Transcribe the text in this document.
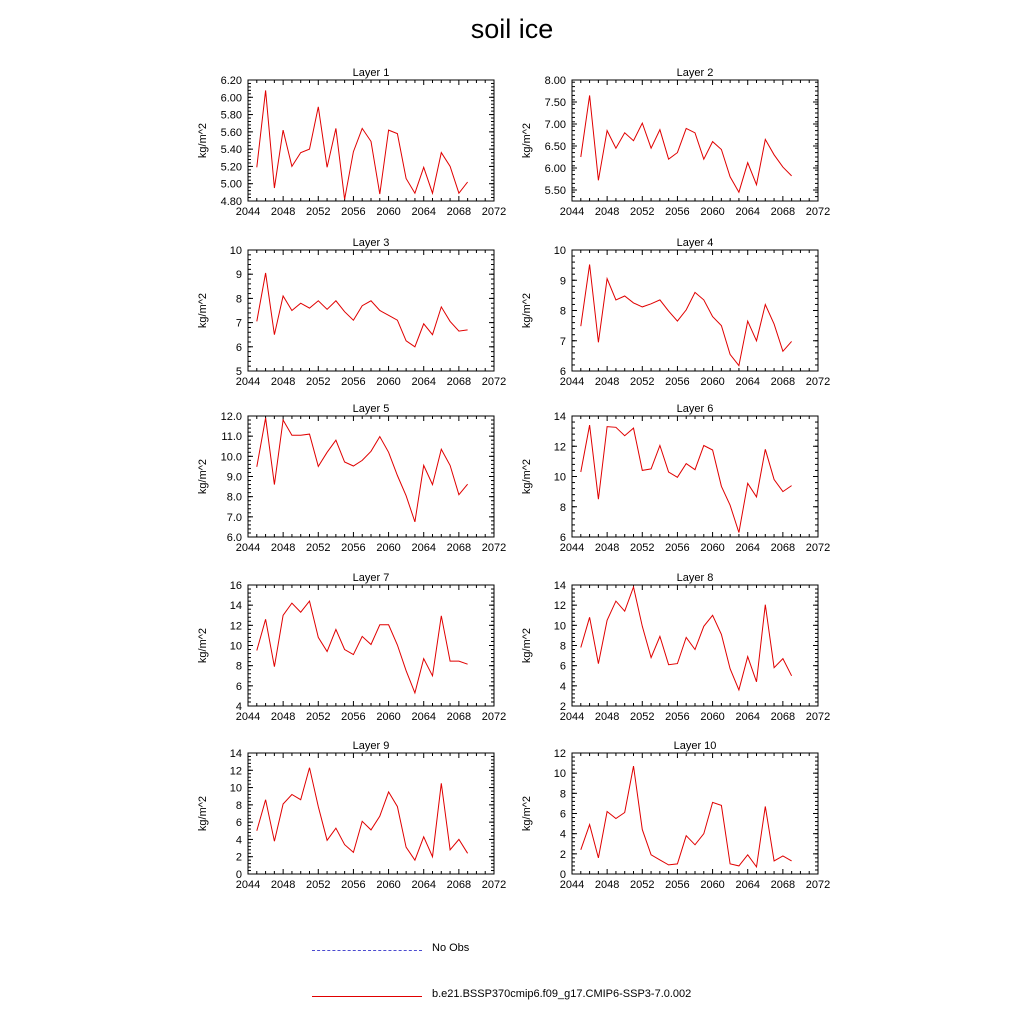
soil ice
Layer 1
kg/m^2
2044 2048 2052 2056 2060 2064 2068 2072
4.80
5.00
5.20
5.40
5.60
5.80
6.00
6.20
Layer 2
kg/m^2
2044 2048 2052 2056 2060 2064 2068 2072
5.50
6.00
6.50
7.00
7.50
8.00
Layer 3
kg/m^2
2044 2048 2052 2056 2060 2064 2068 2072
5
6
7
8
9
10
Layer 4
kg/m^2
2044 2048 2052 2056 2060 2064 2068 2072
6
7
8
9
10
Layer 5
kg/m^2
2044 2048 2052 2056 2060 2064 2068 2072
6.0
7.0
8.0
9.0
10.0
11.0
12.0
Layer 6
kg/m^2
2044 2048 2052 2056 2060 2064 2068 2072
6
8
10
12
14
Layer 7
kg/m^2
2044 2048 2052 2056 2060 2064 2068 2072
4
6
8
10
12
14
16
Layer 8
kg/m^2
2044 2048 2052 2056 2060 2064 2068 2072
2
4
6
8
10
12
14
Layer 9
kg/m^2
2044 2048 2052 2056 2060 2064 2068 2072
0
2
4
6
8
10
12
14
Layer 10
kg/m^2
2044 2048 2052 2056 2060 2064 2068 2072
0
2
4
6
8
10
12
No Obs
b.e21.BSSP370cmip6.f09_g17.CMIP6-SSP3-7.0.002
